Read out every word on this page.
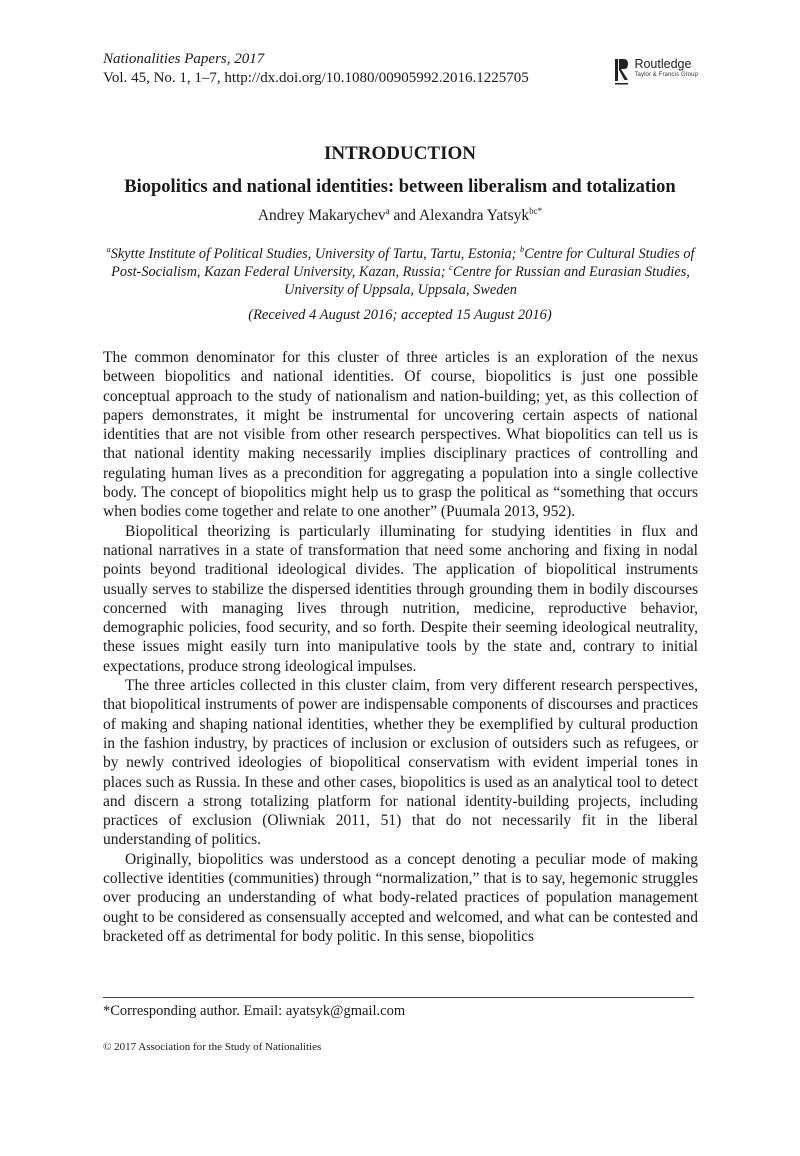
Nationalities Papers, 2017
Vol. 45, No. 1, 1–7, http://dx.doi.org/10.1080/00905992.2016.1225705
Routledge
Taylor & Francis Group
INTRODUCTION
Biopolitics and national identities: between liberalism and totalization
Andrey Makarychev$^a$ and Alexandra Yatsyk$^{bc*}$
$^a$Skytte Institute of Political Studies, University of Tartu, Tartu, Estonia; $^b$Centre for Cultural Studies of Post-Socialism, Kazan Federal University, Kazan, Russia; $^c$Centre for Russian and Eurasian Studies, University of Uppsala, Uppsala, Sweden
(Received 4 August 2016; accepted 15 August 2016)

The common denominator for this cluster of three articles is an exploration of the nexus between biopolitics and national identities. Of course, biopolitics is just one possible conceptual approach to the study of nationalism and nation-building; yet, as this collection of papers demonstrates, it might be instrumental for uncovering certain aspects of national identities that are not visible from other research perspectives. What biopolitics can tell us is that national identity making necessarily implies disciplinary practices of controlling and regulating human lives as a precondition for aggregating a population into a single collective body. The concept of biopolitics might help us to grasp the political as “something that occurs when bodies come together and relate to one another” (Puumala 2013, 952).

Biopolitical theorizing is particularly illuminating for studying identities in flux and national narratives in a state of transformation that need some anchoring and fixing in nodal points beyond traditional ideological divides. The application of biopolitical instruments usually serves to stabilize the dispersed identities through grounding them in bodily discourses concerned with managing lives through nutrition, medicine, reproductive behavior, demographic policies, food security, and so forth. Despite their seeming ideological neutrality, these issues might easily turn into manipulative tools by the state and, contrary to initial expectations, produce strong ideological impulses.

The three articles collected in this cluster claim, from very different research perspectives, that biopolitical instruments of power are indispensable components of discourses and practices of making and shaping national identities, whether they be exemplified by cultural production in the fashion industry, by practices of inclusion or exclusion of outsiders such as refugees, or by newly contrived ideologies of biopolitical conservatism with evident imperial tones in places such as Russia. In these and other cases, biopolitics is used as an analytical tool to detect and discern a strong totalizing platform for national identity-building projects, including practices of exclusion (Oliwniak 2011, 51) that do not necessarily fit in the liberal understanding of politics.

Originally, biopolitics was understood as a concept denoting a peculiar mode of making collective identities (communities) through “normalization,” that is to say, hegemonic struggles over producing an understanding of what body-related practices of population management ought to be considered as consensually accepted and welcomed, and what can be contested and bracketed off as detrimental for body politic. In this sense, biopolitics

*Corresponding author. Email: ayatsyk@gmail.com
© 2017 Association for the Study of Nationalities
